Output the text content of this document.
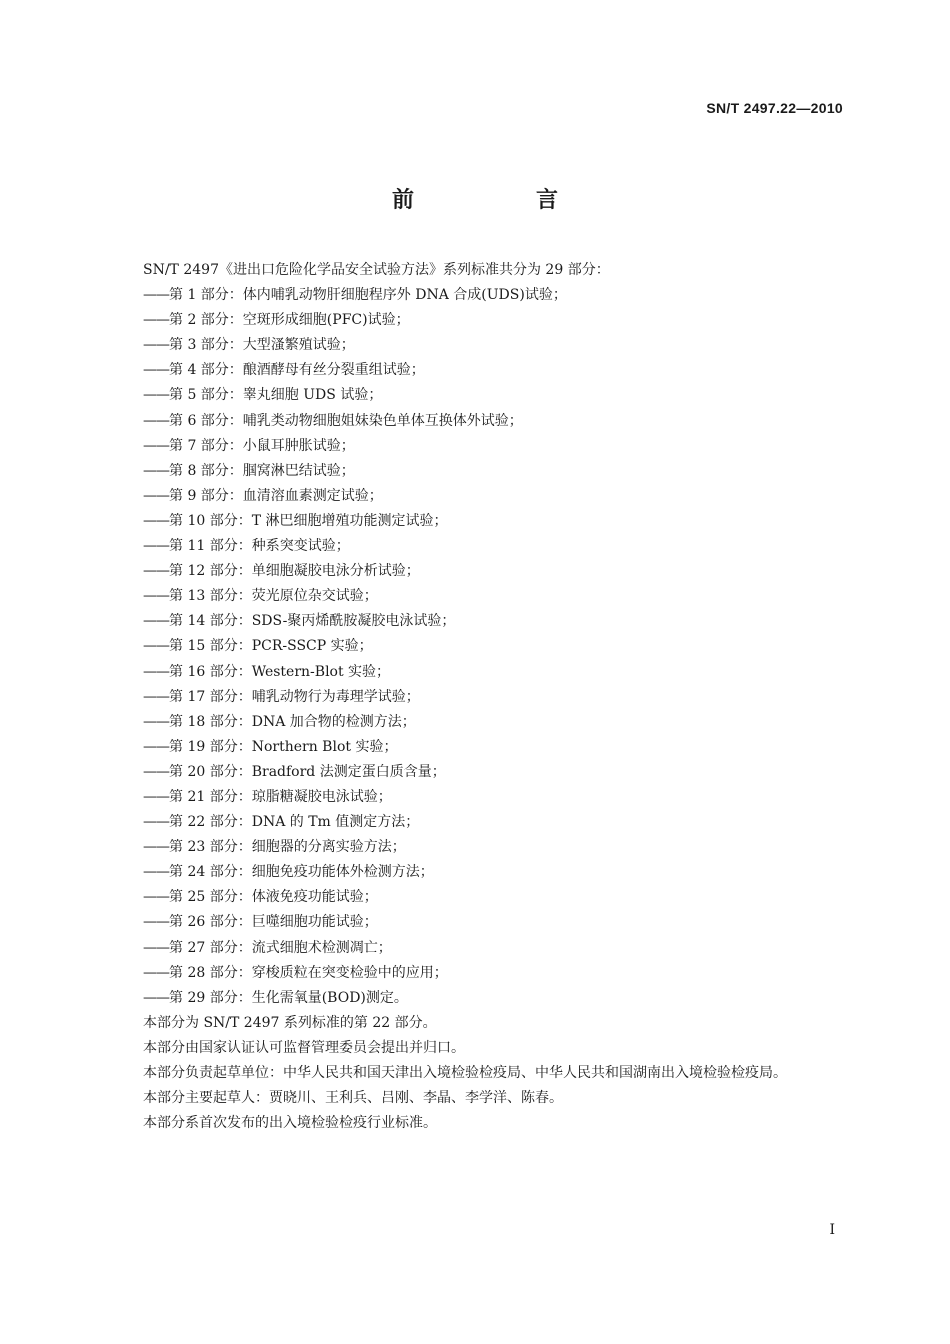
SN/T 2497.22—2010
前　言

SN/T 2497《进出口危险化学品安全试验方法》系列标准共分为 29 部分：

——第 1 部分：体内哺乳动物肝细胞程序外 DNA 合成(UDS)试验；
——第 2 部分：空斑形成细胞(PFC)试验；
——第 3 部分：大型溞繁殖试验；
——第 4 部分：酿酒酵母有丝分裂重组试验；
——第 5 部分：睾丸细胞 UDS 试验；
——第 6 部分：哺乳类动物细胞姐妹染色单体互换体外试验；
——第 7 部分：小鼠耳肿胀试验；
——第 8 部分：腘窝淋巴结试验；
——第 9 部分：血清溶血素测定试验；
——第 10 部分：T 淋巴细胞增殖功能测定试验；
——第 11 部分：种系突变试验；
——第 12 部分：单细胞凝胶电泳分析试验；
——第 13 部分：荧光原位杂交试验；
——第 14 部分：SDS-聚丙烯酰胺凝胶电泳试验；
——第 15 部分：PCR-SSCP 实验；
——第 16 部分：Western-Blot 实验；
——第 17 部分：哺乳动物行为毒理学试验；
——第 18 部分：DNA 加合物的检测方法；
——第 19 部分：Northern Blot 实验；
——第 20 部分：Bradford 法测定蛋白质含量；
——第 21 部分：琼脂糖凝胶电泳试验；
——第 22 部分：DNA 的 Tm 值测定方法；
——第 23 部分：细胞器的分离实验方法；
——第 24 部分：细胞免疫功能体外检测方法；
——第 25 部分：体液免疫功能试验；
——第 26 部分：巨噬细胞功能试验；
——第 27 部分：流式细胞术检测凋亡；
——第 28 部分：穿梭质粒在突变检验中的应用；
——第 29 部分：生化需氧量(BOD)测定。

本部分为 SN/T 2497 系列标准的第 22 部分。

本部分由国家认证认可监督管理委员会提出并归口。

本部分负责起草单位：中华人民共和国天津出入境检验检疫局、中华人民共和国湖南出入境检验检疫局。

本部分主要起草人：贾晓川、王利兵、吕刚、李晶、李学洋、陈春。

本部分系首次发布的出入境检验检疫行业标准。

I
